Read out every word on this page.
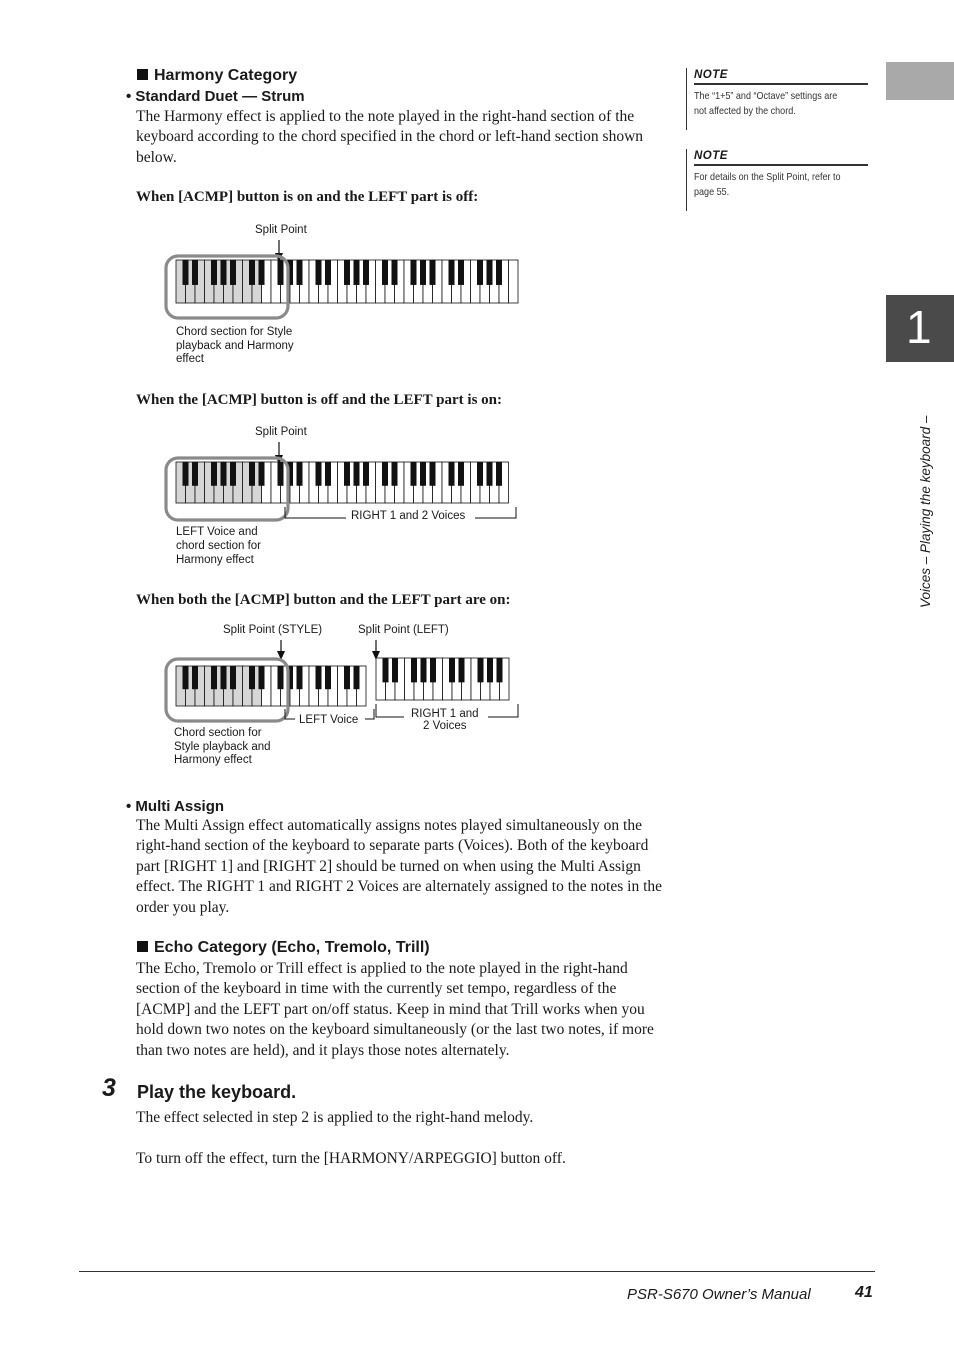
1
Voices – Playing the keyboard –
NOTE
The “1+5” and “Octave” settings are
not affected by the chord.
NOTE
For details on the Split Point, refer to
page 55.
Harmony Category
• Standard Duet — Strum
The Harmony effect is applied to the note played in the right-hand section of the keyboard according to the chord specified in the chord or left-hand section shown below.
When [ACMP] button is on and the LEFT part is off:
Split Point
Chord section for Style
playback and Harmony
effect
When the [ACMP] button is off and the LEFT part is on:
Split Point
RIGHT 1 and 2 Voices
LEFT Voice and
chord section for
Harmony effect
When both the [ACMP] button and the LEFT part are on:
Split Point (STYLE)	Split Point (LEFT)
LEFT Voice	RIGHT 1 and
2 Voices
Chord section for
Style playback and
Harmony effect
• Multi Assign
The Multi Assign effect automatically assigns notes played simultaneously on the right-hand section of the keyboard to separate parts (Voices). Both of the keyboard part [RIGHT 1] and [RIGHT 2] should be turned on when using the Multi Assign effect. The RIGHT 1 and RIGHT 2 Voices are alternately assigned to the notes in the order you play.
Echo Category (Echo, Tremolo, Trill)
The Echo, Tremolo or Trill effect is applied to the note played in the right-hand section of the keyboard in time with the currently set tempo, regardless of the [ACMP] and the LEFT part on/off status. Keep in mind that Trill works when you hold down two notes on the keyboard simultaneously (or the last two notes, if more than two notes are held), and it plays those notes alternately.
3 Play the keyboard.
The effect selected in step 2 is applied to the right-hand melody.
To turn off the effect, turn the [HARMONY/ARPEGGIO] button off.
PSR-S670 Owner’s Manual	41
